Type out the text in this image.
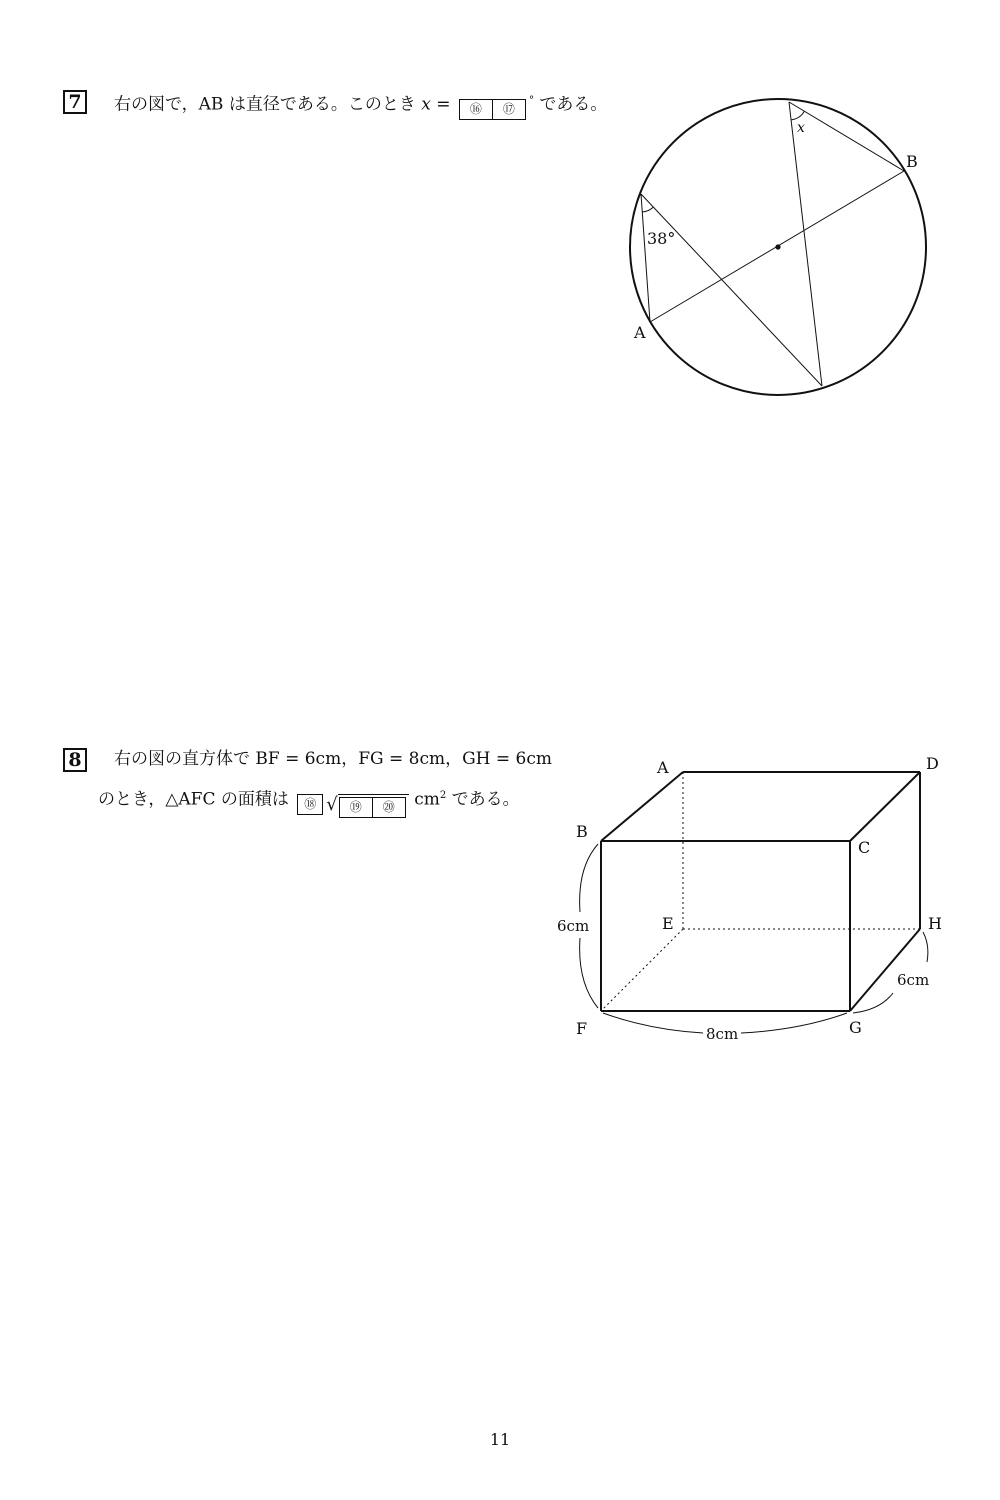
7	右の図で，AB は直径である。このとき x =	⑯	⑰
° である。
A
B
x
38°
8	右の図の直方体で BF = 6cm，FG = 8cm，GH = 6cm
のとき，△AFC の面積は ⑱ √	⑲	⑳ $cm^2$ である。
A
B
C
D
E
F	G
H
6cm
8cm
6cm
11
